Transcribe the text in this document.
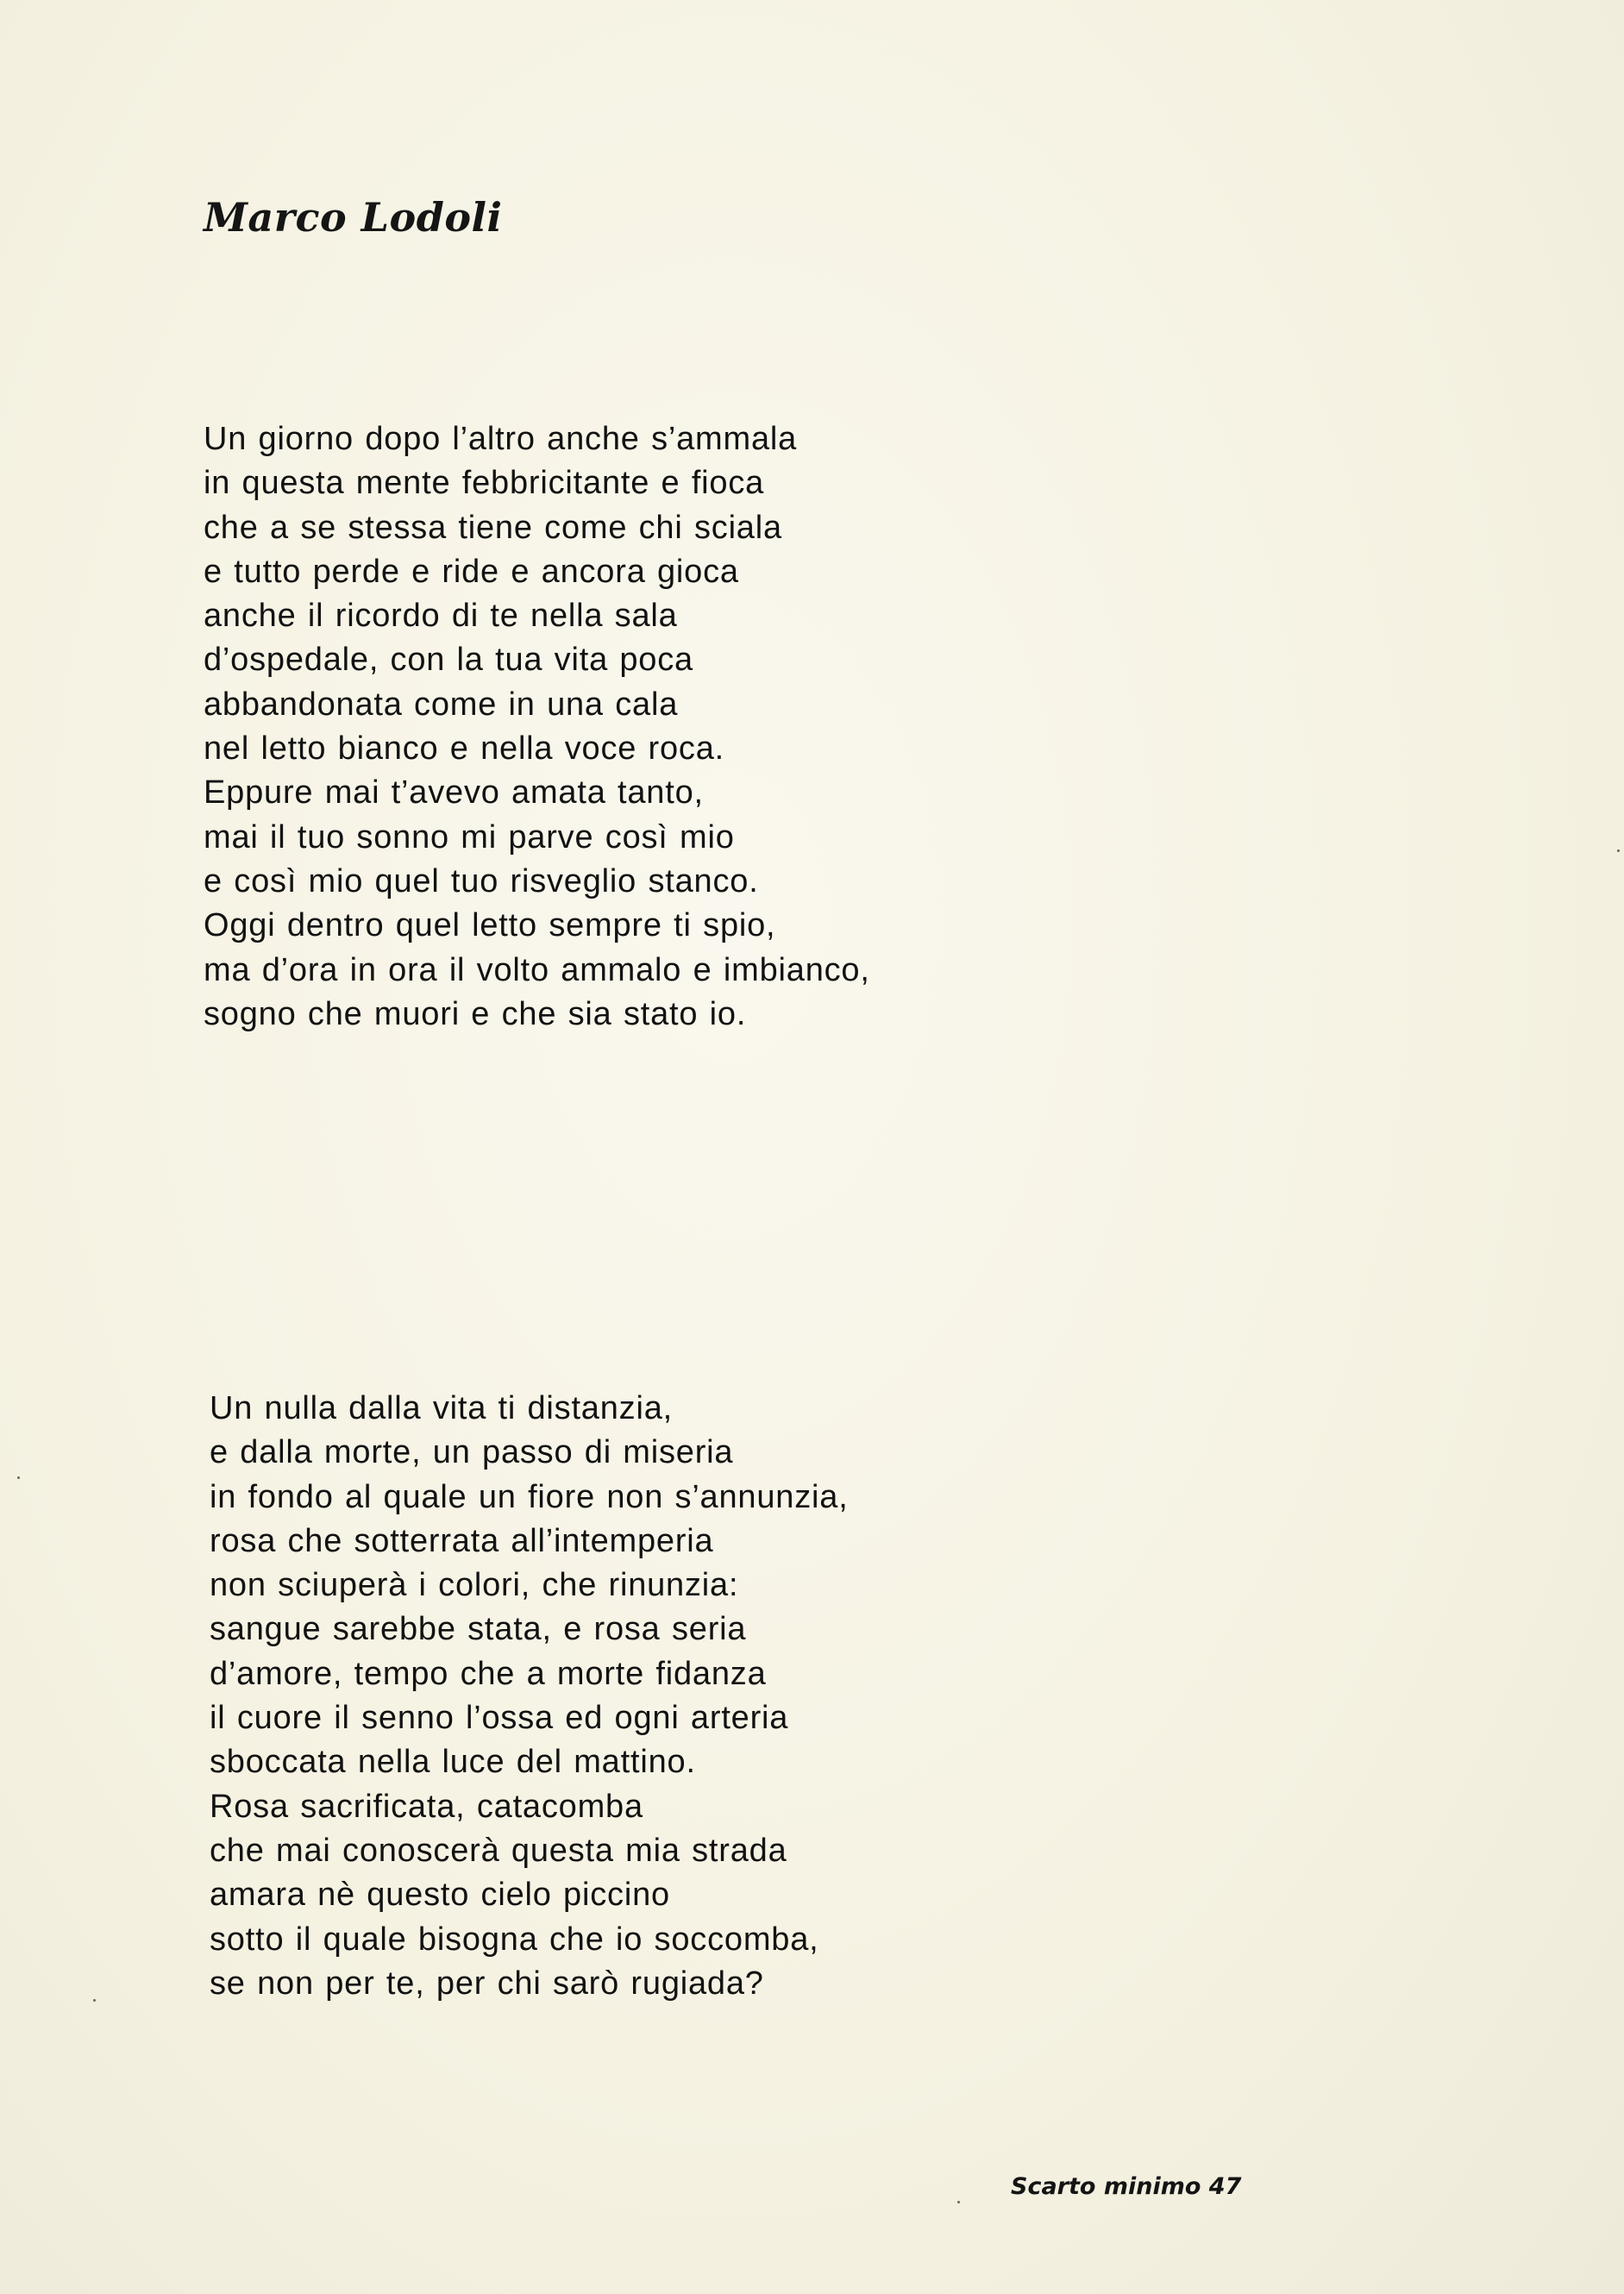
Marco Lodoli
Un giorno dopo l’altro anche s’ammala
in questa mente febbricitante e fioca
che a se stessa tiene come chi sciala
e tutto perde e ride e ancora gioca
anche il ricordo di te nella sala
d’ospedale, con la tua vita poca
abbandonata come in una cala
nel letto bianco e nella voce roca.
Eppure mai t’avevo amata tanto,
mai il tuo sonno mi parve così mio
e così mio quel tuo risveglio stanco.
Oggi dentro quel letto sempre ti spio,
ma d’ora in ora il volto ammalo e imbianco,
sogno che muori e che sia stato io.
Un nulla dalla vita ti distanzia,
e dalla morte, un passo di miseria
in fondo al quale un fiore non s’annunzia,
rosa che sotterrata all’intemperia
non sciuperà i colori, che rinunzia:
sangue sarebbe stata, e rosa seria
d’amore, tempo che a morte fidanza
il cuore il senno l’ossa ed ogni arteria
sboccata nella luce del mattino.
Rosa sacrificata, catacomba
che mai conoscerà questa mia strada
amara nè questo cielo piccino
sotto il quale bisogna che io soccomba,
se non per te, per chi sarò rugiada?

Scarto minimo 47
